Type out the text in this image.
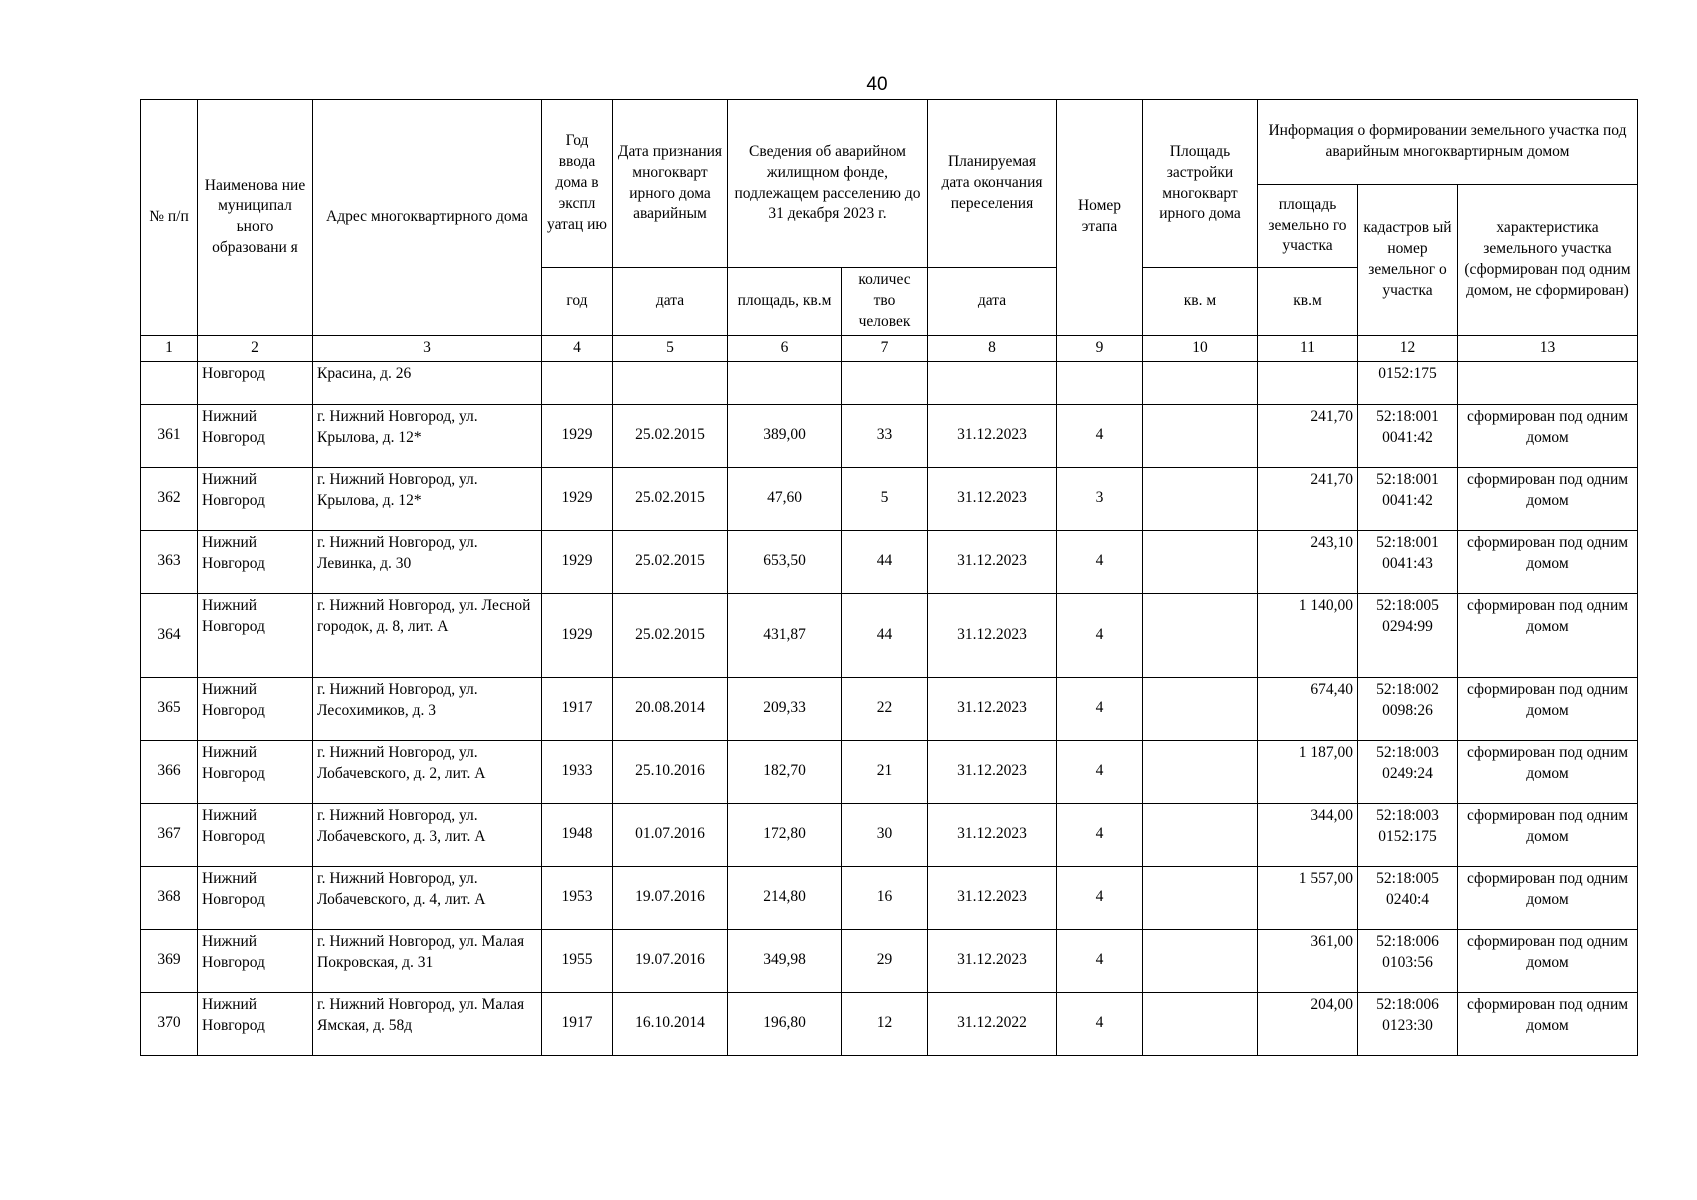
40
№ п/п	Наименова ние муниципал ьного образовани я	Адрес многоквартирного дома	Год ввода дома в экспл уатац ию	Дата признания многокварт ирного дома аварийным	Сведения об аварийном жилищном фонде, подлежащем расселению до 31 декабря 2023 г.		Планируемая дата окончания переселения	Номер этапа	Площадь застройки многокварт ирного дома	Информация о формировании земельного участка под аварийным многоквартирным домом		
										площадь земельно го участка	кадастров ый номер земельног о участка	характеристика земельного участка (сформирован под одним домом, не сформирован)
			год	дата	площадь, кв.м	количес тво человек	дата		кв. м	кв.м		
1	2	3	4	5	6	7	8	9	10	11	12	13
	Новгород	Красина, д. 26									0152:175	
361	Нижний Новгород	г. Нижний Новгород, ул. Крылова, д. 12*	1929	25.02.2015	389,00	33	31.12.2023	4		241,70	52:18:001 0041:42	сформирован под одним домом
362	Нижний Новгород	г. Нижний Новгород, ул. Крылова, д. 12*	1929	25.02.2015	47,60	5	31.12.2023	3		241,70	52:18:001 0041:42	сформирован под одним домом
363	Нижний Новгород	г. Нижний Новгород, ул. Левинка, д. 30	1929	25.02.2015	653,50	44	31.12.2023	4		243,10	52:18:001 0041:43	сформирован под одним домом
364	Нижний Новгород	г. Нижний Новгород, ул. Лесной городок, д. 8, лит. А	1929	25.02.2015	431,87	44	31.12.2023	4		1 140,00	52:18:005 0294:99	сформирован под одним домом
365	Нижний Новгород	г. Нижний Новгород, ул. Лесохимиков, д. 3	1917	20.08.2014	209,33	22	31.12.2023	4		674,40	52:18:002 0098:26	сформирован под одним домом
366	Нижний Новгород	г. Нижний Новгород, ул. Лобачевского, д. 2, лит. А	1933	25.10.2016	182,70	21	31.12.2023	4		1 187,00	52:18:003 0249:24	сформирован под одним домом
367	Нижний Новгород	г. Нижний Новгород, ул. Лобачевского, д. 3, лит. А	1948	01.07.2016	172,80	30	31.12.2023	4		344,00	52:18:003 0152:175	сформирован под одним домом
368	Нижний Новгород	г. Нижний Новгород, ул. Лобачевского, д. 4, лит. А	1953	19.07.2016	214,80	16	31.12.2023	4		1 557,00	52:18:005 0240:4	сформирован под одним домом
369	Нижний Новгород	г. Нижний Новгород, ул. Малая Покровская, д. 31	1955	19.07.2016	349,98	29	31.12.2023	4		361,00	52:18:006 0103:56	сформирован под одним домом
370	Нижний Новгород	г. Нижний Новгород, ул. Малая Ямская, д. 58д	1917	16.10.2014	196,80	12	31.12.2022	4		204,00	52:18:006 0123:30	сформирован под одним домом
